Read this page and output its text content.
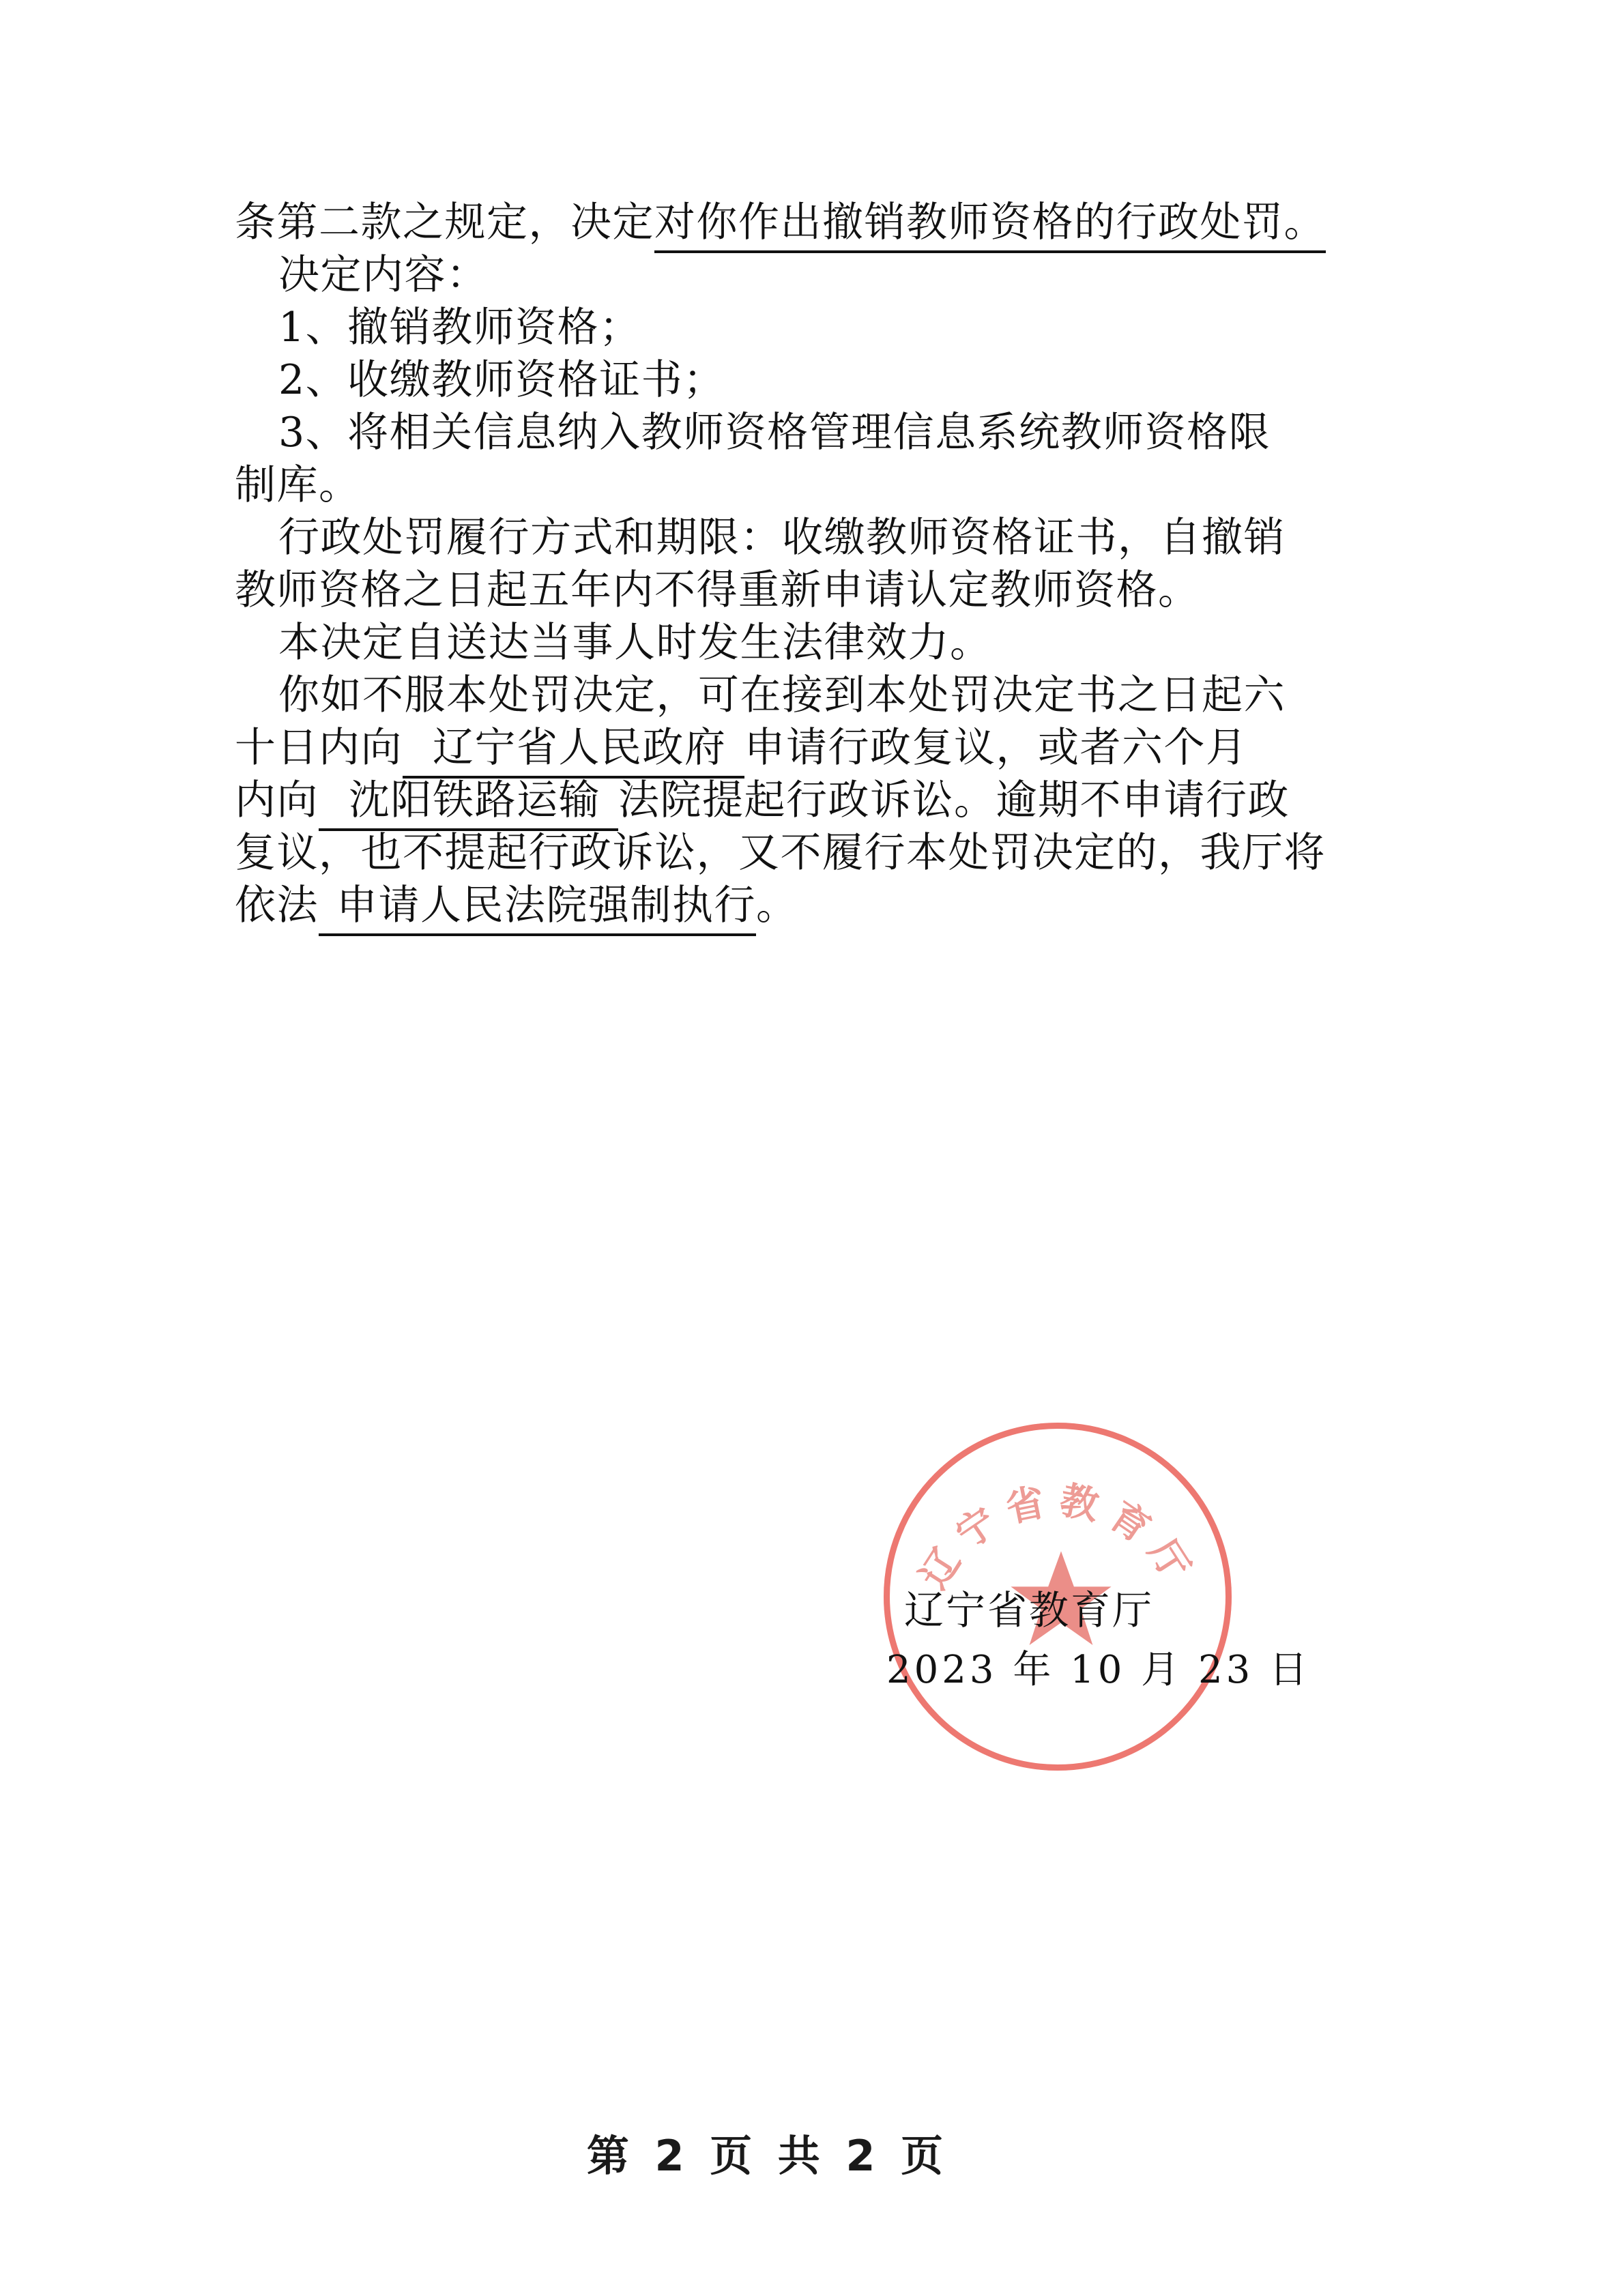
条第二款之规定，决定对你作出撤销教师资格的行政处罚。
决定内容：
1、撤销教师资格；
2、收缴教师资格证书；
3、将相关信息纳入教师资格管理信息系统教师资格限
制库。
行政处罚履行方式和期限：收缴教师资格证书，自撤销
教师资格之日起五年内不得重新申请认定教师资格。
本决定自送达当事人时发生法律效力。
你如不服本处罚决定，可在接到本处罚决定书之日起六
十日内向 辽宁省人民政府 申请行政复议，或者六个月
内向 沈阳铁路运输 法院提起行政诉讼。逾期不申请行政
复议，也不提起行政诉讼，又不履行本处罚决定的，我厅将
依法 申请人民法院强制执行。
辽宁省教育厅
辽宁省教育厅
2023 年 10 月 23 日
第 2 页 共 2 页
